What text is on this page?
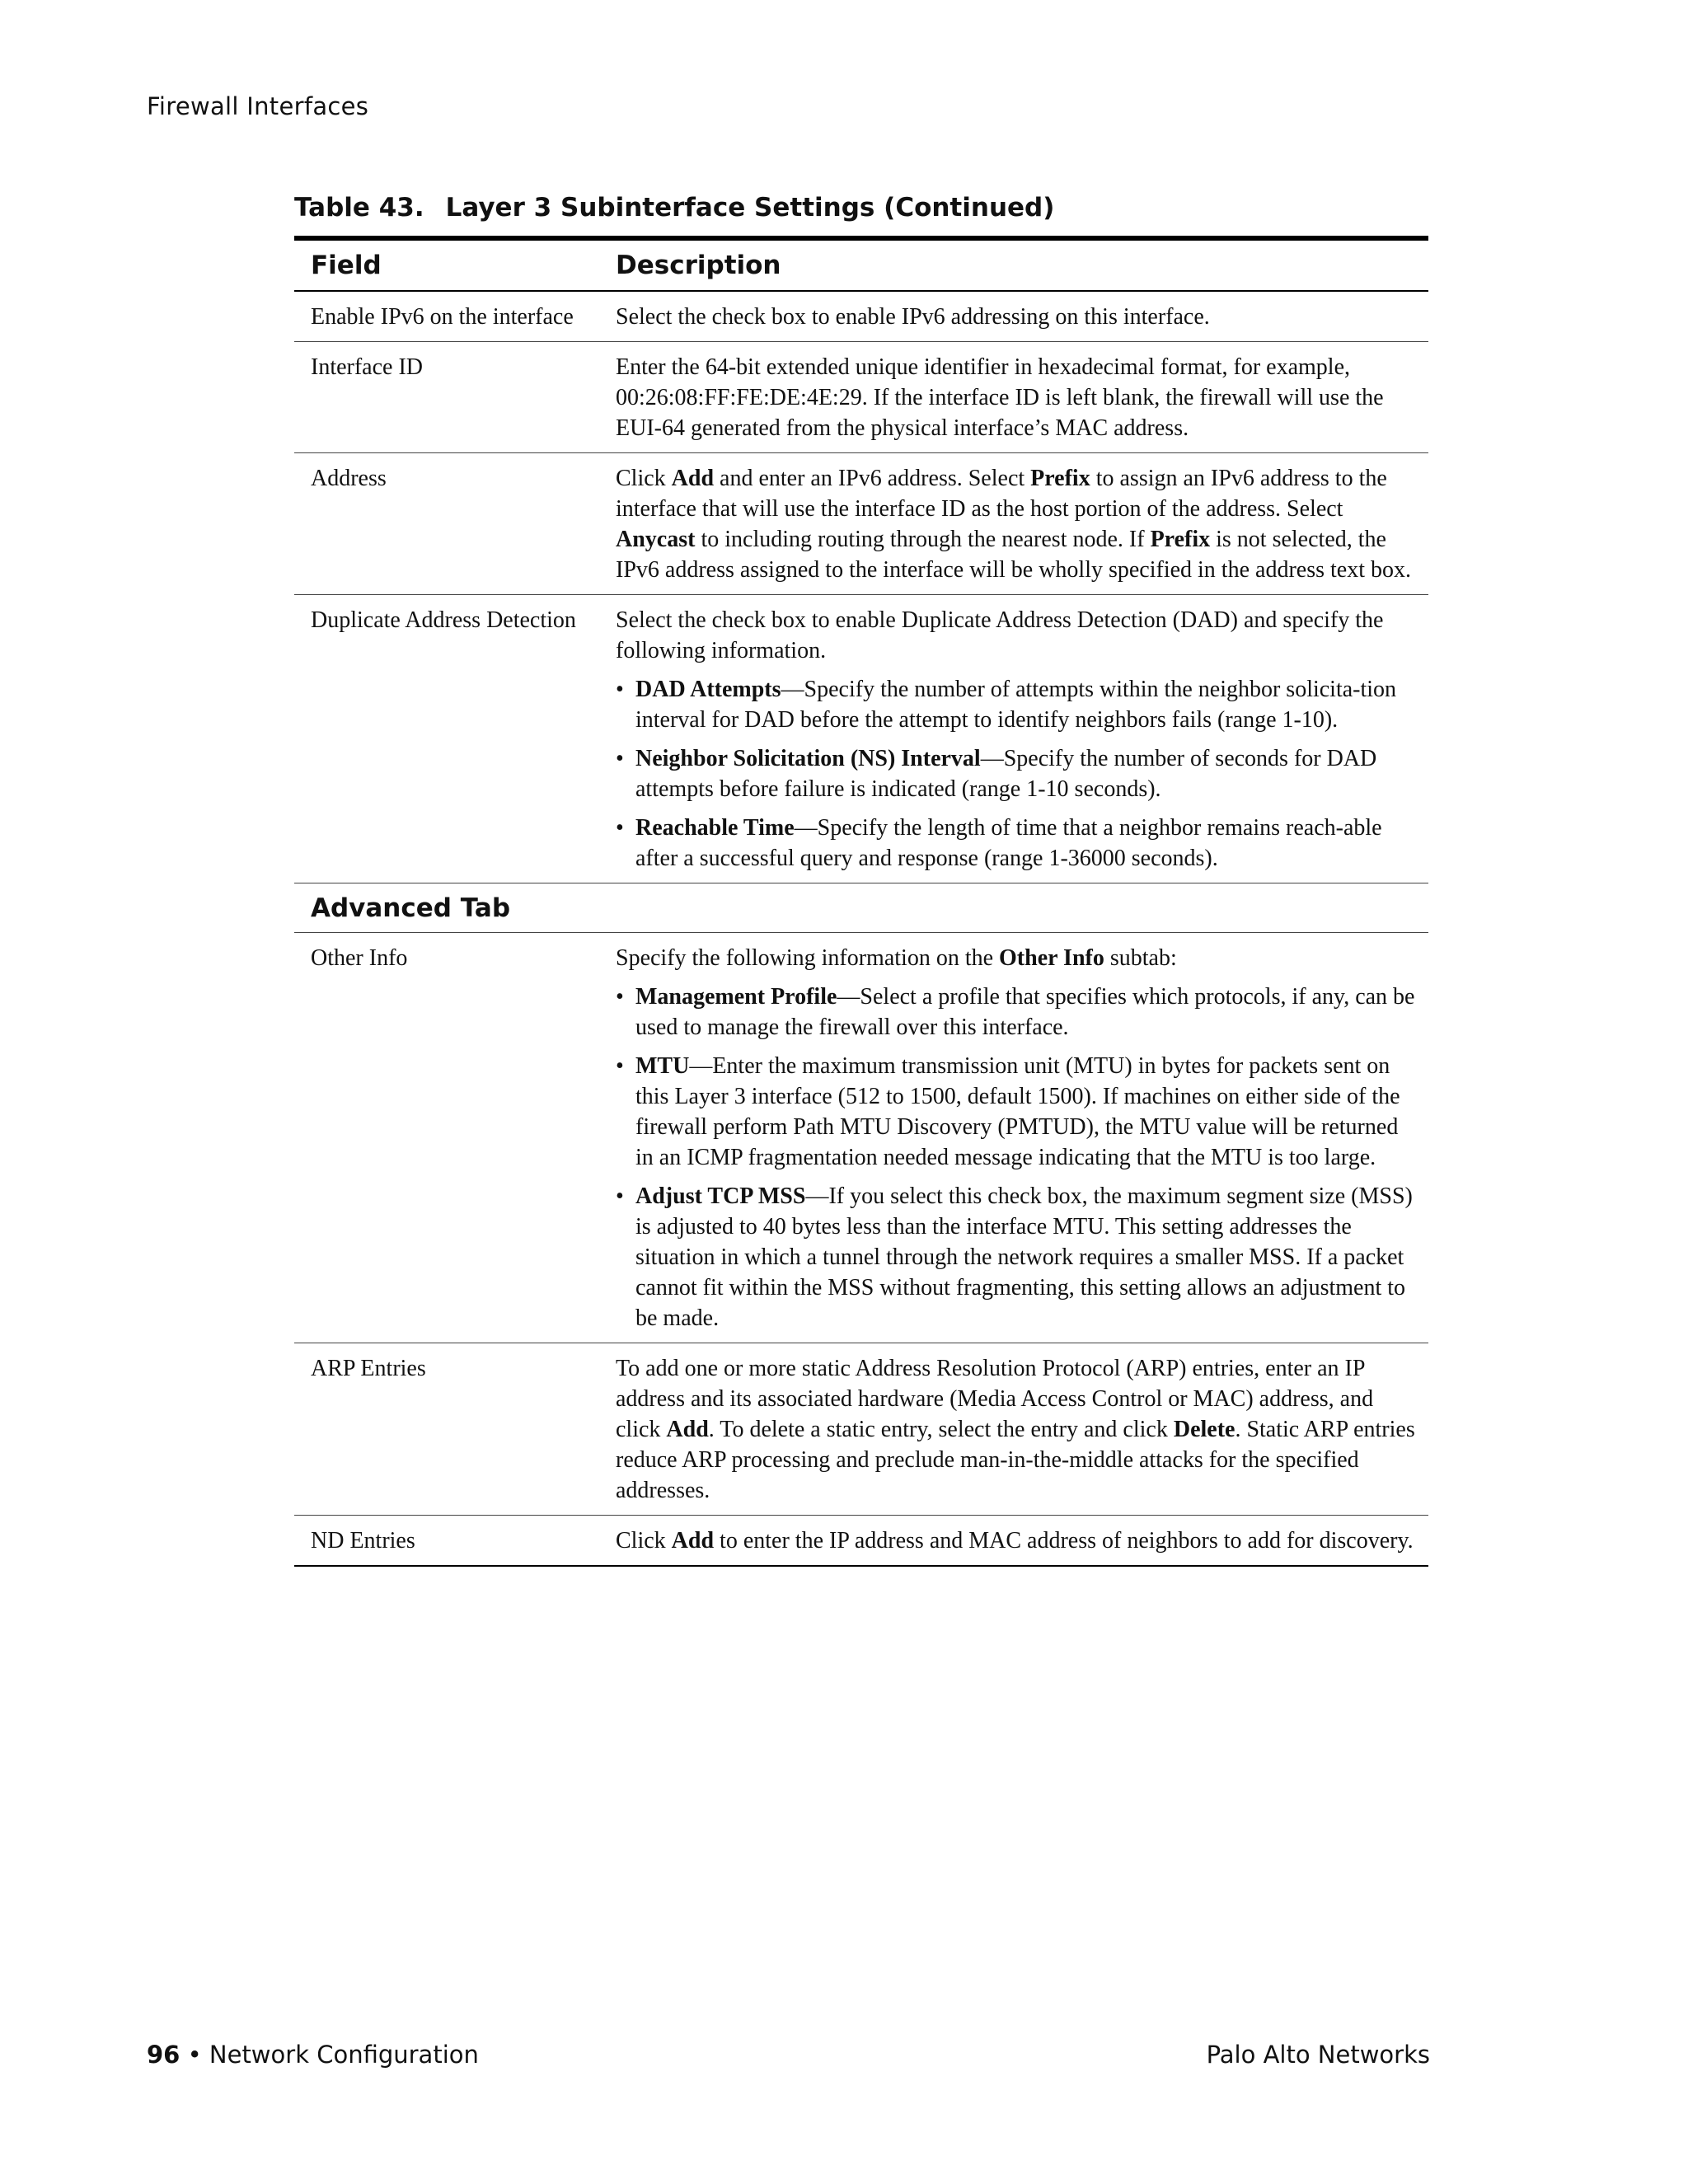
Firewall Interfaces
Table 43. Layer 3 Subinterface Settings (Continued)
Field	Description
Enable IPv6 on the interface	Select the check box to enable IPv6 addressing on this interface.

Interface ID	Enter the 64-bit extended unique identifier in hexadecimal format, for example, 00:26:08:FF:FE:DE:4E:29. If the interface ID is left blank, the firewall will use the EUI-64 generated from the physical interface’s MAC address.

Address	Click Add and enter an IPv6 address. Select Prefix to assign an IPv6 address to the interface that will use the interface ID as the host portion of the address. Select Anycast to including routing through the nearest node. If Prefix is not selected, the IPv6 address assigned to the interface will be wholly specified in the address text box.

Duplicate Address Detection	Select the check box to enable Duplicate Address Detection (DAD) and specify the following information.

• DAD Attempts—Specify the number of attempts within the neighbor solicita-tion interval for DAD before the attempt to identify neighbors fails (range 1-10).
• Neighbor Solicitation (NS) Interval—Specify the number of seconds for DAD attempts before failure is indicated (range 1-10 seconds).
• Reachable Time—Specify the length of time that a neighbor remains reach-able after a successful query and response (range 1-36000 seconds).
Advanced Tab
Other Info	Specify the following information on the Other Info subtab:

• Management Profile—Select a profile that specifies which protocols, if any, can be used to manage the firewall over this interface.
• MTU—Enter the maximum transmission unit (MTU) in bytes for packets sent on this Layer 3 interface (512 to 1500, default 1500). If machines on either side of the firewall perform Path MTU Discovery (PMTUD), the MTU value will be returned in an ICMP fragmentation needed message indicating that the MTU is too large.
• Adjust TCP MSS—If you select this check box, the maximum segment size (MSS) is adjusted to 40 bytes less than the interface MTU. This setting addresses the situation in which a tunnel through the network requires a smaller MSS. If a packet cannot fit within the MSS without fragmenting, this setting allows an adjustment to be made.
ARP Entries	To add one or more static Address Resolution Protocol (ARP) entries, enter an IP address and its associated hardware (Media Access Control or MAC) address, and click Add. To delete a static entry, select the entry and click Delete. Static ARP entries reduce ARP processing and preclude man-in-the-middle attacks for the specified addresses.

ND Entries	Click Add to enter the IP address and MAC address of neighbors to add for discovery.

96 • Network Configuration	Palo Alto Networks
